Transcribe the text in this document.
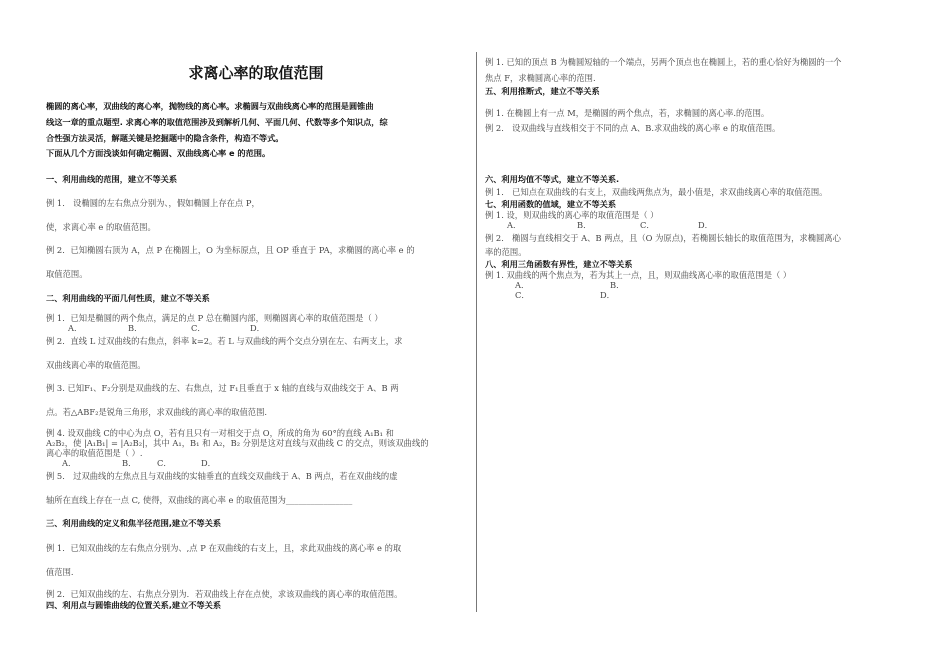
求离心率的取值范围
椭圆的离心率，双曲线的离心率，抛物线的离心率。求椭圆与双曲线离心率的范围是圆锥曲
线这一章的重点题型. 求离心率的取值范围涉及到解析几何、平面几何、代数等多个知识点，综
合性强方法灵活，解题关键是挖掘题中的隐含条件，构造不等式。
下面从几个方面浅谈如何确定椭圆、双曲线离心率 e 的范围。
一、利用曲线的范围，建立不等关系
例 1． 设椭圆的左右焦点分别为、，假如椭圆上存在点 P，
使，求离心率 e 的取值范围。
例 2．已知椭圆右顶为 A，点 P 在椭圆上，O 为坐标原点，且 OP 垂直于 PA，求椭圆的离心率 e 的
取值范围。
二、利用曲线的平面几何性质，建立不等关系
例 1．已知是椭圆的两个焦点，满足的点 P 总在椭圆内部，则椭圆离心率的取值范围是（ ）
A．	B．	C．	D．
例 2．直线 L 过双曲线的右焦点，斜率 k=2。若 L 与双曲线的两个交点分别在左、右两支上，求
双曲线离心率的取值范围。
例 3. 已知F₁、F₂分别是双曲线的左、右焦点，过 F₁且垂直于 x 轴的直线与双曲线交于 A、B 两
点。若△ABF₂是锐角三角形，求双曲线的离心率的取值范围.
例 4. 设双曲线 C的中心为点 O，若有且只有一对相交于点 O，所成的角为 60°的直线 A₁B₁ 和
A₂B₂，使 |A₁B₁| = |A₂B₂|，其中 A₁，B₁ 和 A₂，B₂ 分别是这对直线与双曲线 C 的交点，则该双曲线的
离心率的取值范围是（ ）.
A．	B． C．	D．
例 5． 过双曲线的左焦点且与双曲线的实轴垂直的直线交双曲线于 A、B 两点，若在双曲线的虚
轴所在直线上存在一点 C, 使得，双曲线的离心率 e 的取值范围为________________
三、利用曲线的定义和焦半径范围,建立不等关系
例 1．已知双曲线的左右焦点分别为、,点 P 在双曲线的右支上，且，求此双曲线的离心率 e 的取
值范围.
例 2．已知双曲线的左、右焦点分别为．若双曲线上存在点使，求该双曲线的离心率的取值范围。
四、利用点与圆锥曲线的位置关系,建立不等关系
例 1. 已知的顶点 B 为椭圆短轴的一个端点，另两个顶点也在椭圆上，若的重心恰好为椭圆的一个
焦点 F，求椭圆离心率的范围.
五、利用推断式，建立不等关系
例 1. 在椭圆上有一点 M，是椭圆的两个焦点，若，求椭圆的离心率.的范围。
例 2． 设双曲线与直线相交于不同的点 A、B.求双曲线的离心率 e 的取值范围。
六、利用均值不等式，建立不等关系.
例 1． 已知点在双曲线的右支上，双曲线两焦点为，最小值是，求双曲线离心率的取值范围。
七、利用函数的值域，建立不等关系
例 1. 设，则双曲线的离心率的取值范围是（ ）
A．	B．	C．	D．
例 2． 椭圆与直线相交于 A、B 两点，且（O 为原点)，若椭圆长轴长的取值范围为，求椭圆离心
率的范围。
八、利用三角函数有界性，建立不等关系
例 1. 双曲线的两个焦点为，若为其上一点，且，则双曲线离心率的取值范围是（ ）
A．	B．
C．	D．
